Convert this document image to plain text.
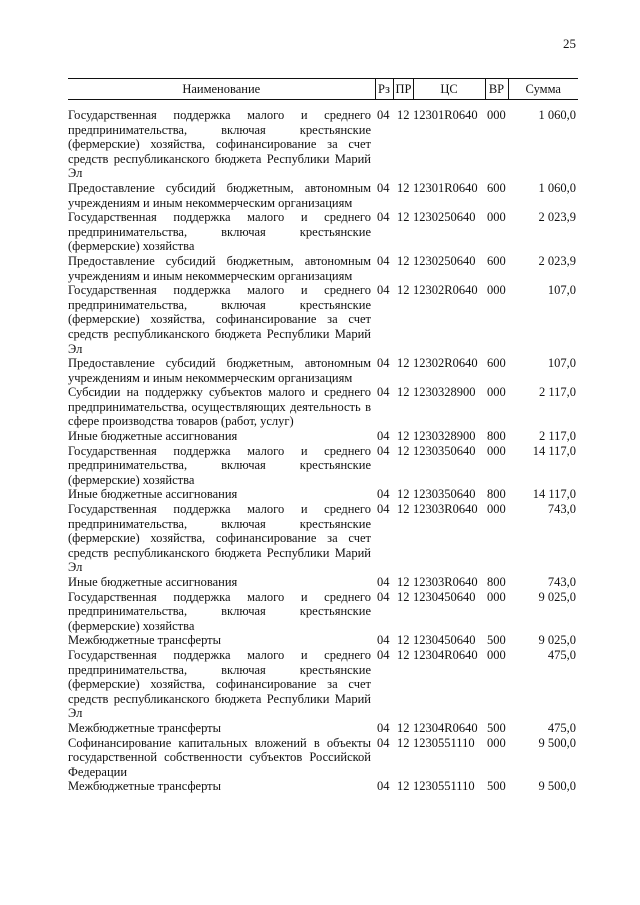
25
Наименование	Рз	ПР	ЦС	ВР	Сумма
Государственная поддержка малого и среднего предпринимательства, включая крестьянские (фермерские) хозяйства, софинансирование за счет средств республиканского бюджета Республики Марий Эл	04	12	12301R0640	000	1 060,0
Предоставление субсидий бюджетным, автономным учреждениям и иным некоммерческим организациям	04	12	12301R0640	600	1 060,0
Государственная поддержка малого и среднего предпринимательства, включая крестьянские (фермерские) хозяйства	04	12	1230250640	000	2 023,9
Предоставление субсидий бюджетным, автономным учреждениям и иным некоммерческим организациям	04	12	1230250640	600	2 023,9
Государственная поддержка малого и среднего предпринимательства, включая крестьянские (фермерские) хозяйства, софинансирование за счет средств республиканского бюджета Республики Марий Эл	04	12	12302R0640	000	107,0
Предоставление субсидий бюджетным, автономным учреждениям и иным некоммерческим организациям	04	12	12302R0640	600	107,0
Субсидии на поддержку субъектов малого и среднего предпринимательства, осуществляющих деятельность в сфере производства товаров (работ, услуг)	04	12	1230328900	000	2 117,0
Иные бюджетные ассигнования	04	12	1230328900	800	2 117,0
Государственная поддержка малого и среднего предпринимательства, включая крестьянские (фермерские) хозяйства	04	12	1230350640	000	14 117,0
Иные бюджетные ассигнования	04	12	1230350640	800	14 117,0
Государственная поддержка малого и среднего предпринимательства, включая крестьянские (фермерские) хозяйства, софинансирование за счет средств республиканского бюджета Республики Марий Эл	04	12	12303R0640	000	743,0
Иные бюджетные ассигнования	04	12	12303R0640	800	743,0
Государственная поддержка малого и среднего предпринимательства, включая крестьянские (фермерские) хозяйства	04	12	1230450640	000	9 025,0
Межбюджетные трансферты	04	12	1230450640	500	9 025,0
Государственная поддержка малого и среднего предпринимательства, включая крестьянские (фермерские) хозяйства, софинансирование за счет средств республиканского бюджета Республики Марий Эл	04	12	12304R0640	000	475,0
Межбюджетные трансферты	04	12	12304R0640	500	475,0
Софинансирование капитальных вложений в объекты государственной собственности субъектов Российской Федерации	04	12	1230551110	000	9 500,0
Межбюджетные трансферты	04	12	1230551110	500	9 500,0
